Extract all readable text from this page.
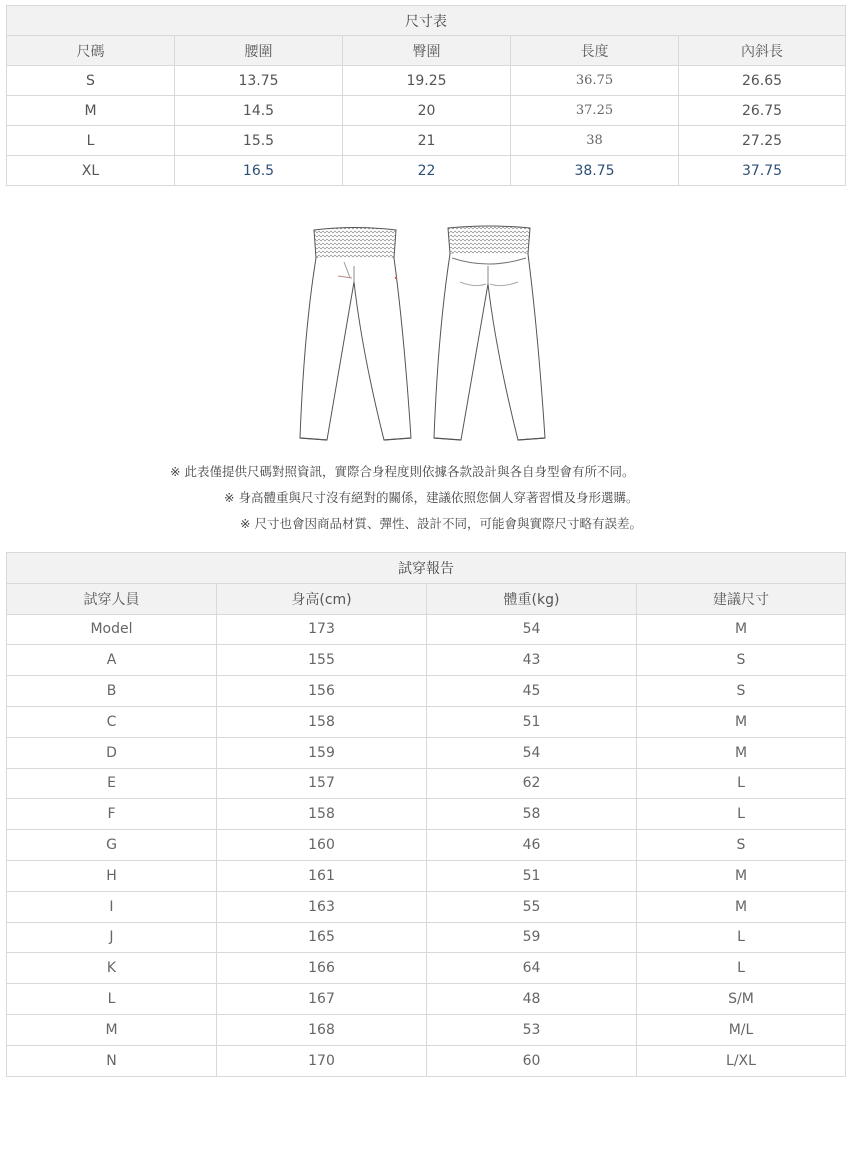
尺寸表				
尺碼	腰圍	臀圍	長度	內斜長
S	13.75	19.25	36.75	26.65
M	14.5	20	37.25	26.75
L	15.5	21	38	27.25
XL	16.5	22	38.75	37.75
※ 此表僅提供尺碼對照資訊，實際合身程度則依據各款設計與各自身型會有所不同。
※ 身高體重與尺寸沒有絕對的關係，建議依照您個人穿著習慣及身形選購。
※ 尺寸也會因商品材質、彈性、設計不同，可能會與實際尺寸略有誤差。
試穿報告			
試穿人員	身高(cm)	體重(kg)	建議尺寸
Model	173	54	M
A	155	43	S
B	156	45	S
C	158	51	M
D	159	54	M
E	157	62	L
F	158	58	L
G	160	46	S
H	161	51	M
I	163	55	M
J	165	59	L
K	166	64	L
L	167	48	S/M
M	168	53	M/L
N	170	60	L/XL
